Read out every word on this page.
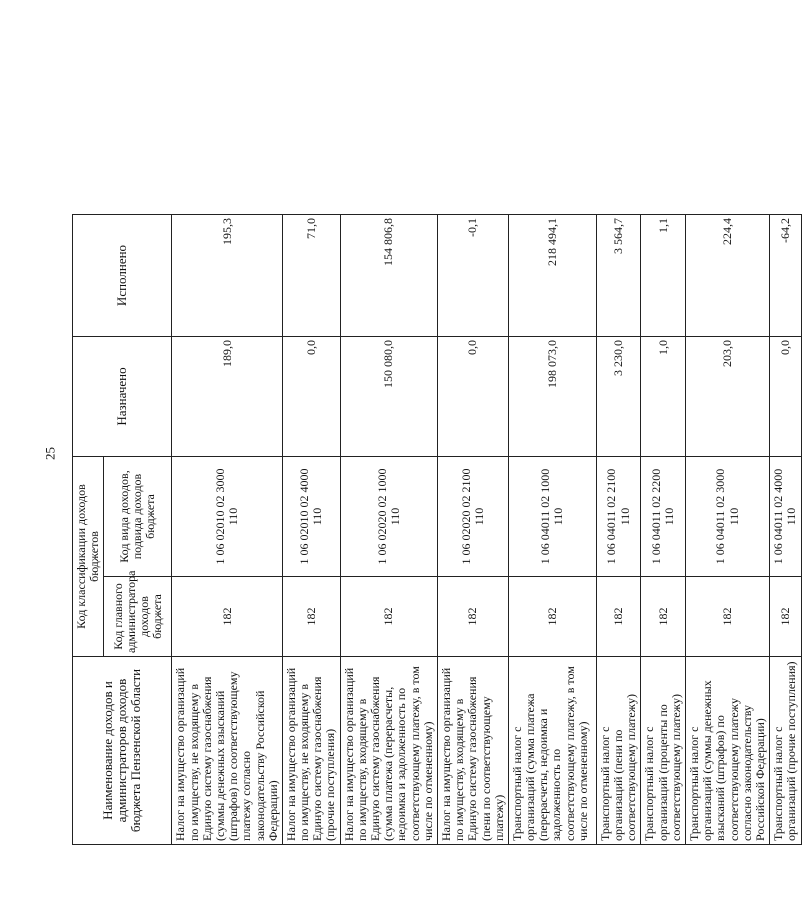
25
Наименование доходов и администраторов доходов бюджета Пензенской области	Код классификации доходов бюджетов		Назначено	Исполнено
	Код главного администратора доходов бюджета	Код вида доходов, подвида доходов бюджета		
Налог на имущество организаций по имуществу, не входящему в Единую систему газоснабжения (суммы денежных взысканий (штрафов) по соответствующему платежу согласно законодательству Российской Федерации)	182	1 06 02010 02 3000 110	189,0	195,3
Налог на имущество организаций по имуществу, не входящему в Единую систему газоснабжения (прочие поступления)	182	1 06 02010 02 4000 110	0,0	71,0
Налог на имущество организаций по имуществу, входящему в Единую систему газоснабжения (сумма платежа (перерасчеты, недоимка и задолженность по соответствующему платежу, в том числе по отмененному)	182	1 06 02020 02 1000 110	150 080,0	154 806,8
Налог на имущество организаций по имуществу, входящему в Единую систему газоснабжения (пени по соответствующему платежу)	182	1 06 02020 02 2100 110	0,0	-0,1
Транспортный налог с организаций (сумма платежа (перерасчеты, недоимка и задолженность по соответствующему платежу, в том числе по отмененному)	182	1 06 04011 02 1000 110	198 073,0	218 494,1
Транспортный налог с организаций (пени по соответствующему платежу)	182	1 06 04011 02 2100 110	3 230,0	3 564,7
Транспортный налог с организаций (проценты по соответствующему платежу)	182	1 06 04011 02 2200 110	1,0	1,1
Транспортный налог с организаций (суммы денежных взысканий (штрафов) по соответствующему платежу согласно законодательству Российской Федерации)	182	1 06 04011 02 3000 110	203,0	224,4
Транспортный налог с организаций (прочие поступления)	182	1 06 04011 02 4000 110	0,0	-64,2
